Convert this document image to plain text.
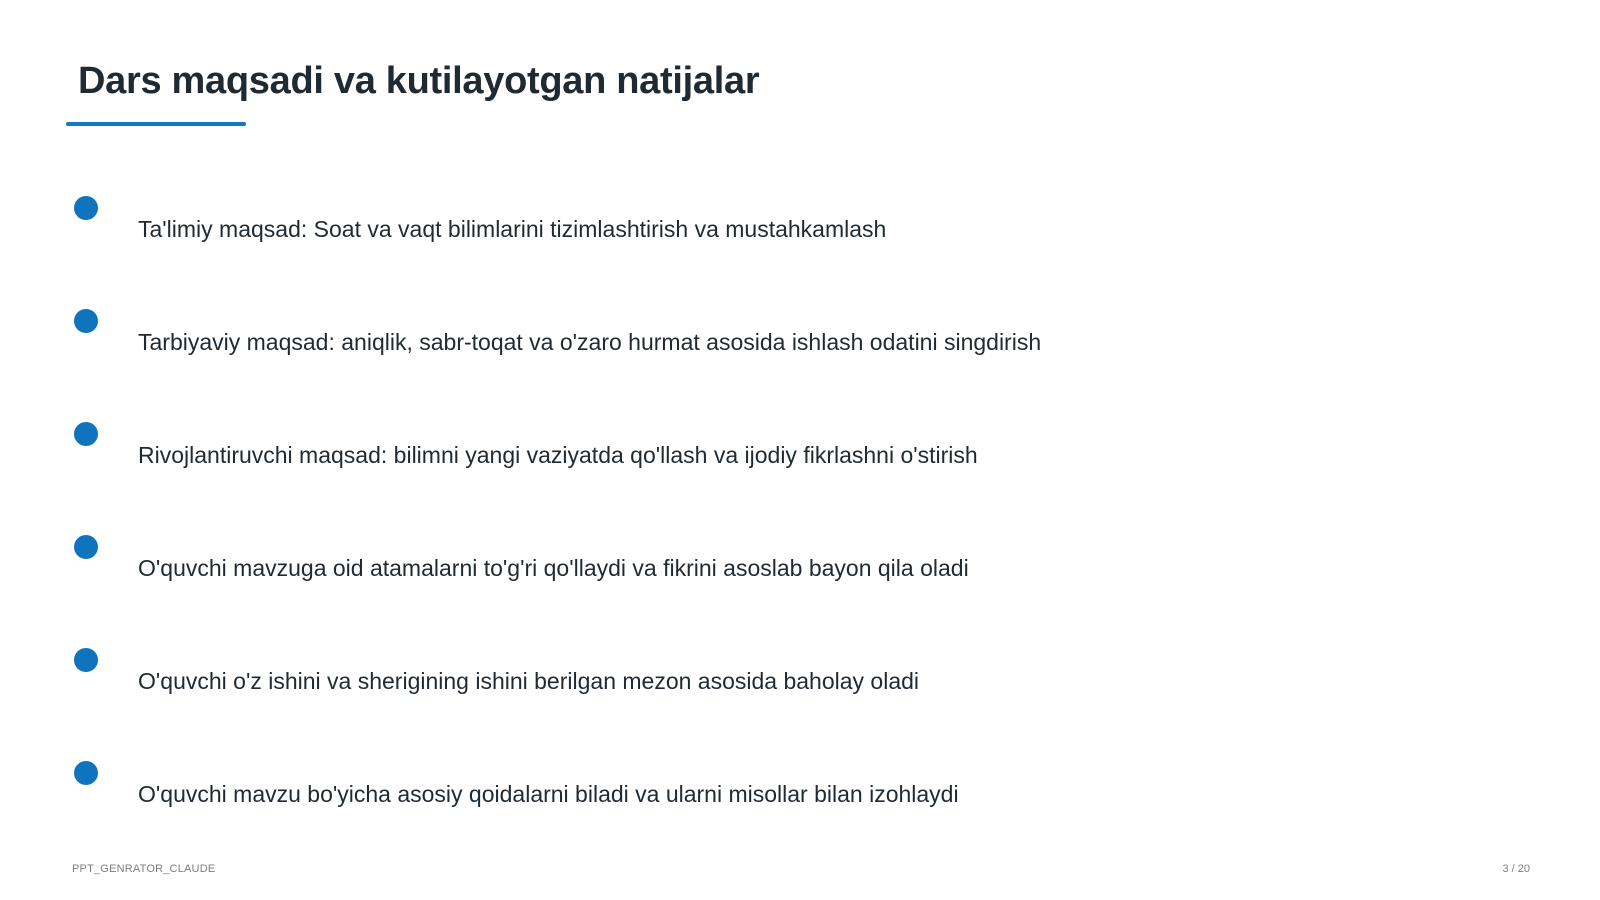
Dars maqsadi va kutilayotgan natijalar
Ta'limiy maqsad: Soat va vaqt bilimlarini tizimlashtirish va mustahkamlash
Tarbiyaviy maqsad: aniqlik, sabr-toqat va o'zaro hurmat asosida ishlash odatini singdirish
Rivojlantiruvchi maqsad: bilimni yangi vaziyatda qo'llash va ijodiy fikrlashni o'stirish
O'quvchi mavzuga oid atamalarni to'g'ri qo'llaydi va fikrini asoslab bayon qila oladi
O'quvchi o'z ishini va sherigining ishini berilgan mezon asosida baholay oladi
O'quvchi mavzu bo'yicha asosiy qoidalarni biladi va ularni misollar bilan izohlaydi
PPT_GENRATOR_CLAUDE	3 / 20
